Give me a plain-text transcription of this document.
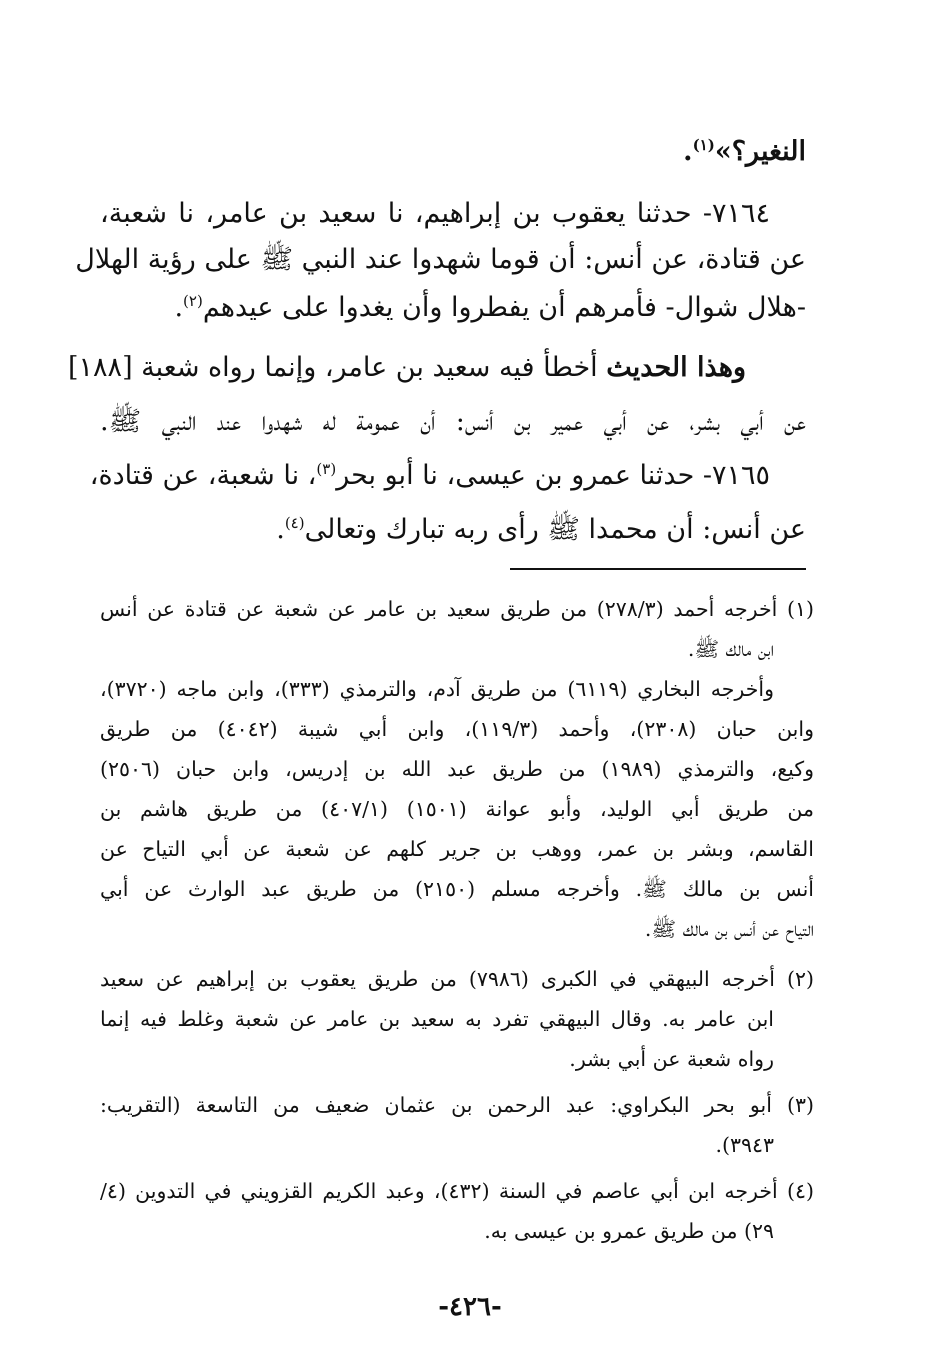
النغير؟»$^{(١)}$.
٧١٦٤- حدثنا يعقوب بن إبراهيم، نا سعيد بن عامر، نا شعبة،
عن قتادة، عن أنس: أن قوما شهدوا عند النبي ﷺ على رؤية الهلال
-هلال شوال- فأمرهم أن يفطروا وأن يغدوا على عيدهم$^{(٢)}$.
وهذا الحديث أخطأ فيه سعيد بن عامر، وإنما رواه شعبة [١٨٨]
عن أبي بشر، عن أبي عمير بن أنس: أن عمومة له شهدوا عند النبي ﷺ.
٧١٦٥- حدثنا عمرو بن عيسى، نا أبو بحر$^{(٣)}$، نا شعبة، عن قتادة،
عن أنس: أن محمدا ﷺ رأى ربه تبارك وتعالى$^{(٤)}$.
(١) أخرجه أحمد (٢٧٨/٣) من طريق سعيد بن عامر عن شعبة عن قتادة عن أنس
ابن مالك ﷺ.
وأخرجه البخاري (٦١١٩) من طريق آدم، والترمذي (٣٣٣)، وابن ماجه (٣٧٢٠)،
وابن حبان (٢٣٠٨)، وأحمد (١١٩/٣)، وابن أبي شيبة (٤٠٤٢) من طريق
وكيع، والترمذي (١٩٨٩) من طريق عبد الله بن إدريس، وابن حبان (٢٥٠٦)
من طريق أبي الوليد، وأبو عوانة (١٥٠١) (٤٠٧/١) من طريق هاشم بن
القاسم، وبشر بن عمر، ووهب بن جرير كلهم عن شعبة عن أبي التياح عن
أنس بن مالك ﷺ. وأخرجه مسلم (٢١٥٠) من طريق عبد الوارث عن أبي
التياح عن أنس بن مالك ﷺ.
(٢) أخرجه البيهقي في الكبرى (٧٩٨٦) من طريق يعقوب بن إبراهيم عن سعيد
ابن عامر به. وقال البيهقي تفرد به سعيد بن عامر عن شعبة وغلط فيه إنما
رواه شعبة عن أبي بشر.
(٣) أبو بحر البكراوي: عبد الرحمن بن عثمان ضعيف من التاسعة (التقريب:
٣٩٤٣).
(٤) أخرجه ابن أبي عاصم في السنة (٤٣٢)، وعبد الكريم القزويني في التدوين (٤/
٢٩) من طريق عمرو بن عيسى به.
-٤٢٦-
